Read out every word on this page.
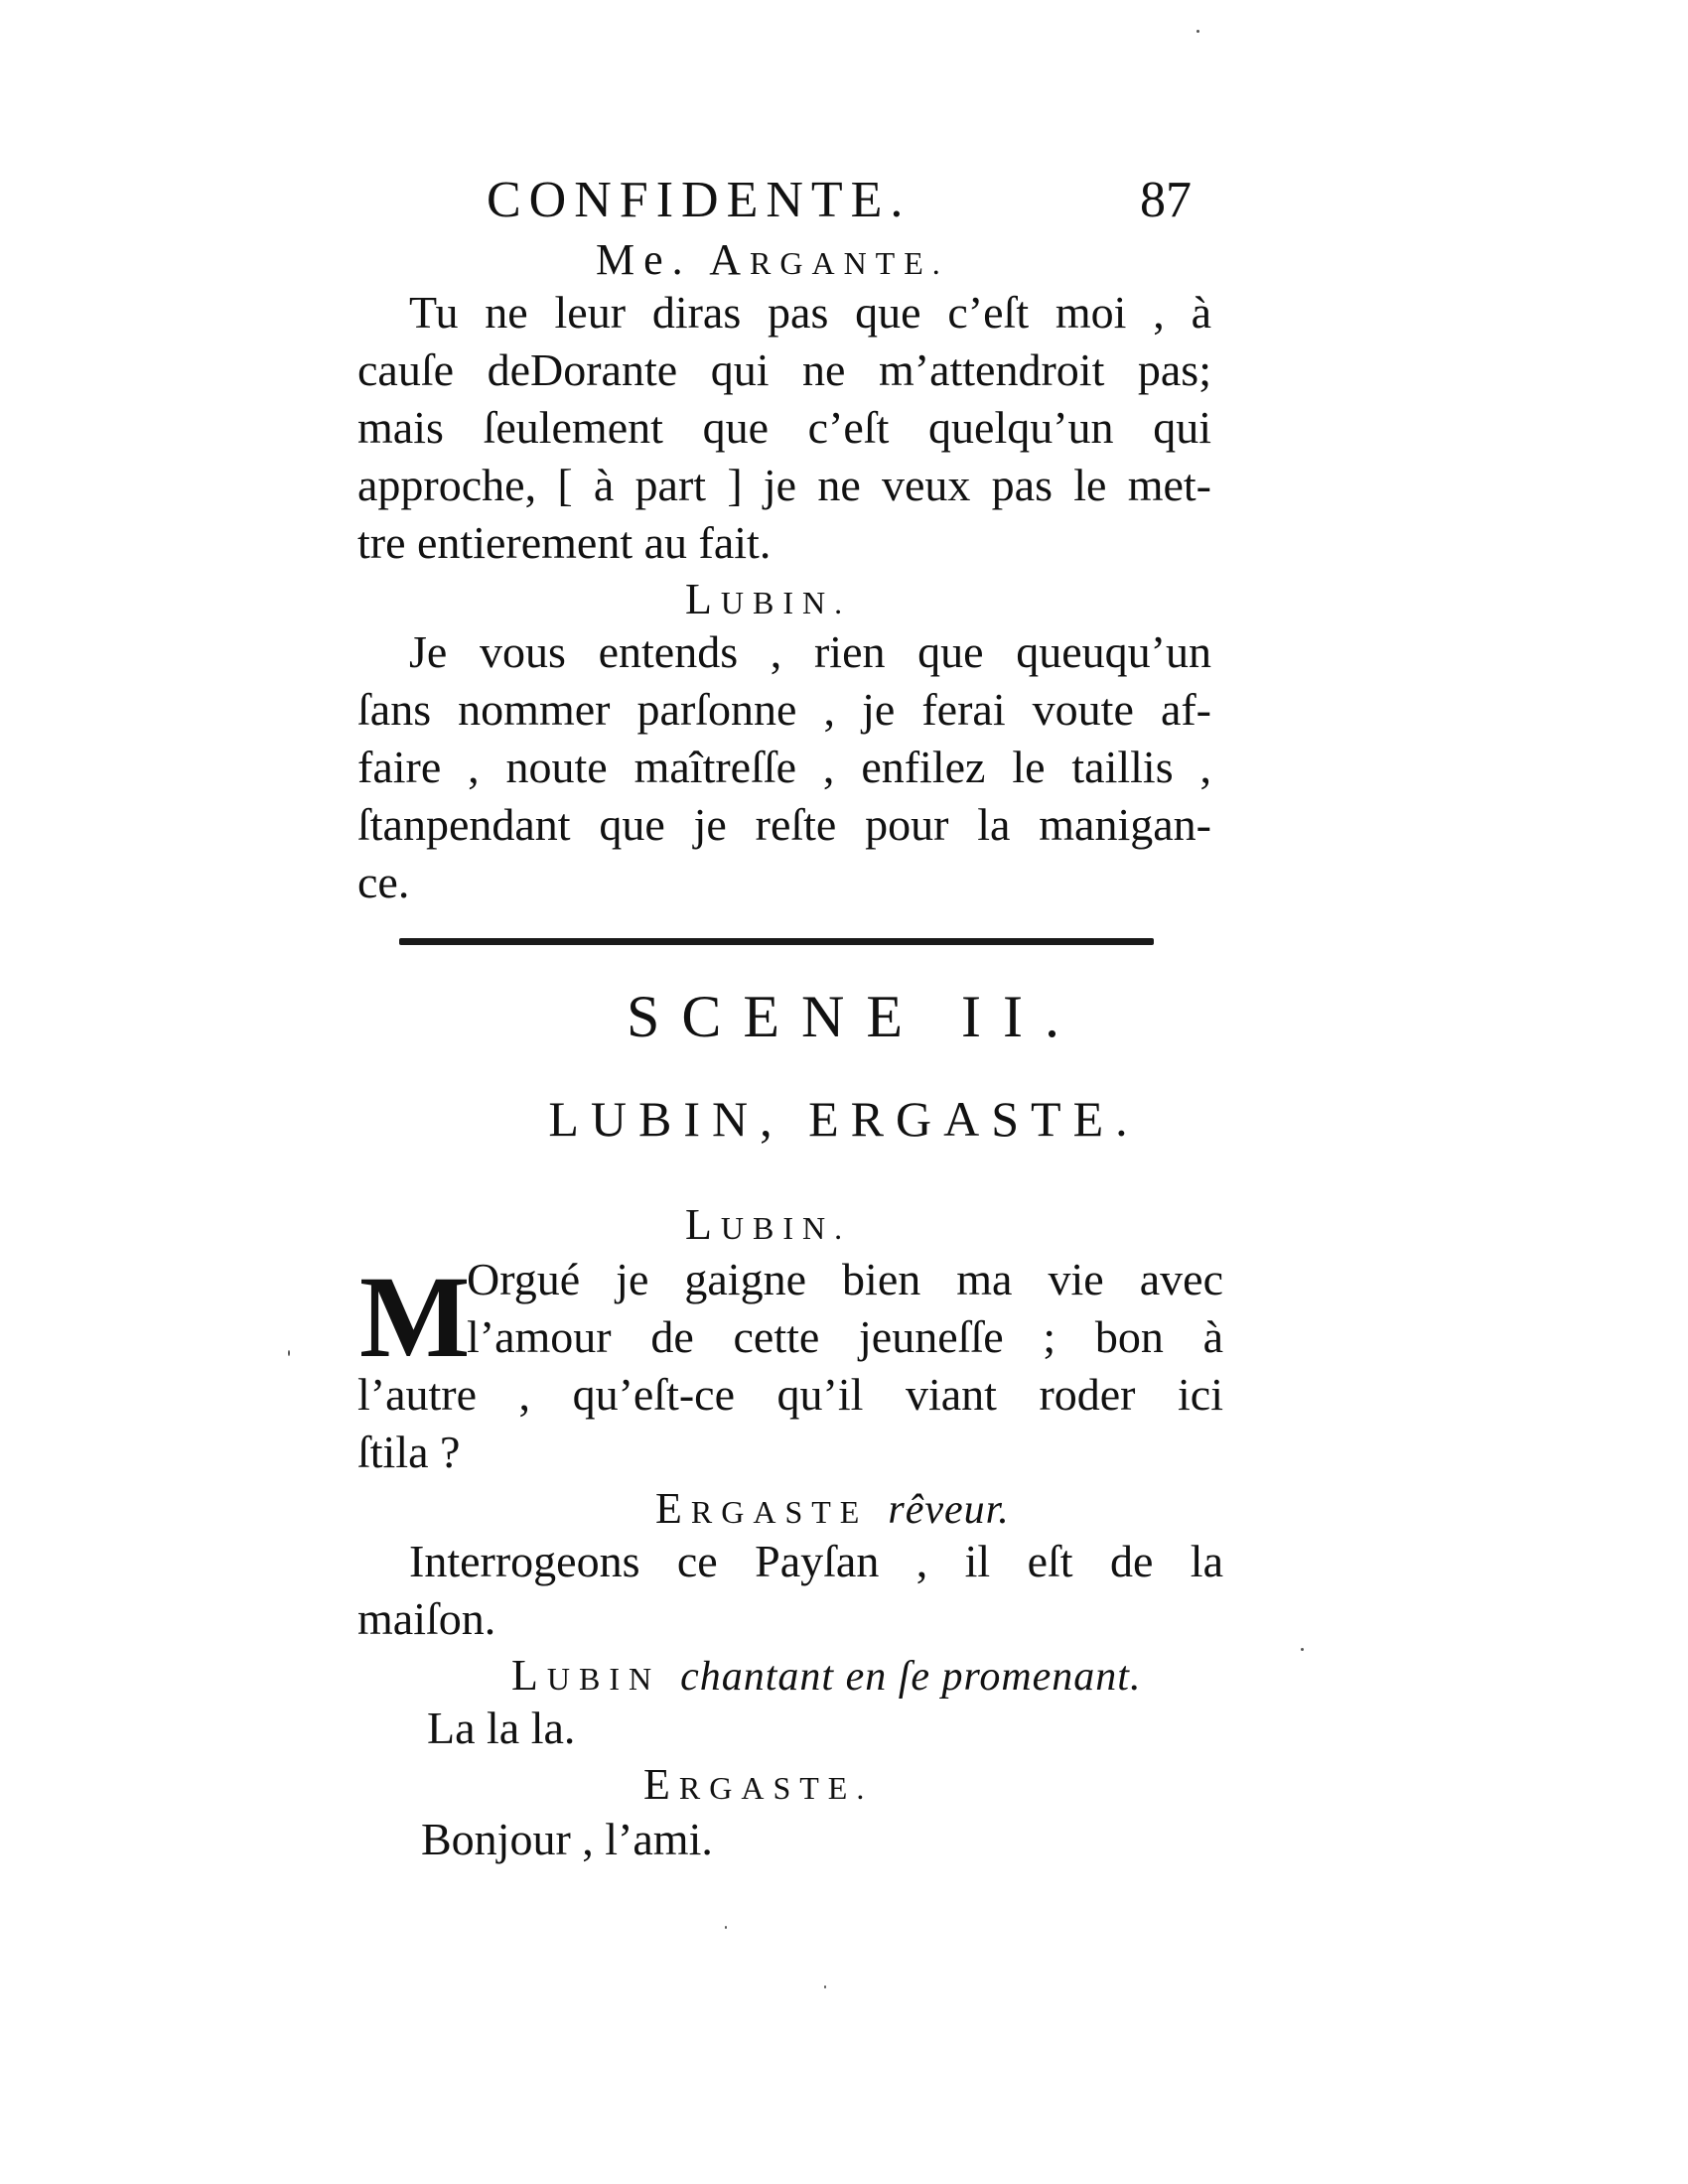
CONFIDENTE.	87
Me. ARGANTE.
Tu ne leur diras pas que c’eſt moi , à
cauſe deDorante qui ne m’attendroit pas;
mais ſeulement que c’eſt quelqu’un qui
approche, [ à part ] je ne veux pas le met-
tre entierement au fait.
LUBIN.
Je vous entends , rien que queuqu’un
ſans nommer parſonne , je ferai voute af-
faire , noute maîtreſſe , enfilez le taillis ,
ſtanpendant que je reſte pour la manigan-
ce.
SCENE II.
LUBIN, ERGASTE.
LUBIN.
M
Orgué je gaigne bien ma vie avec
l’amour de cette jeuneſſe ; bon à
l’autre , qu’eſt-ce qu’il viant roder ici
ſtila ?
ERGASTE rêveur.
Interrogeons ce Payſan , il eſt de la
maiſon.
LUBIN chantant en ſe promenant.
La la la.
ERGASTE.
Bonjour , l’ami.
